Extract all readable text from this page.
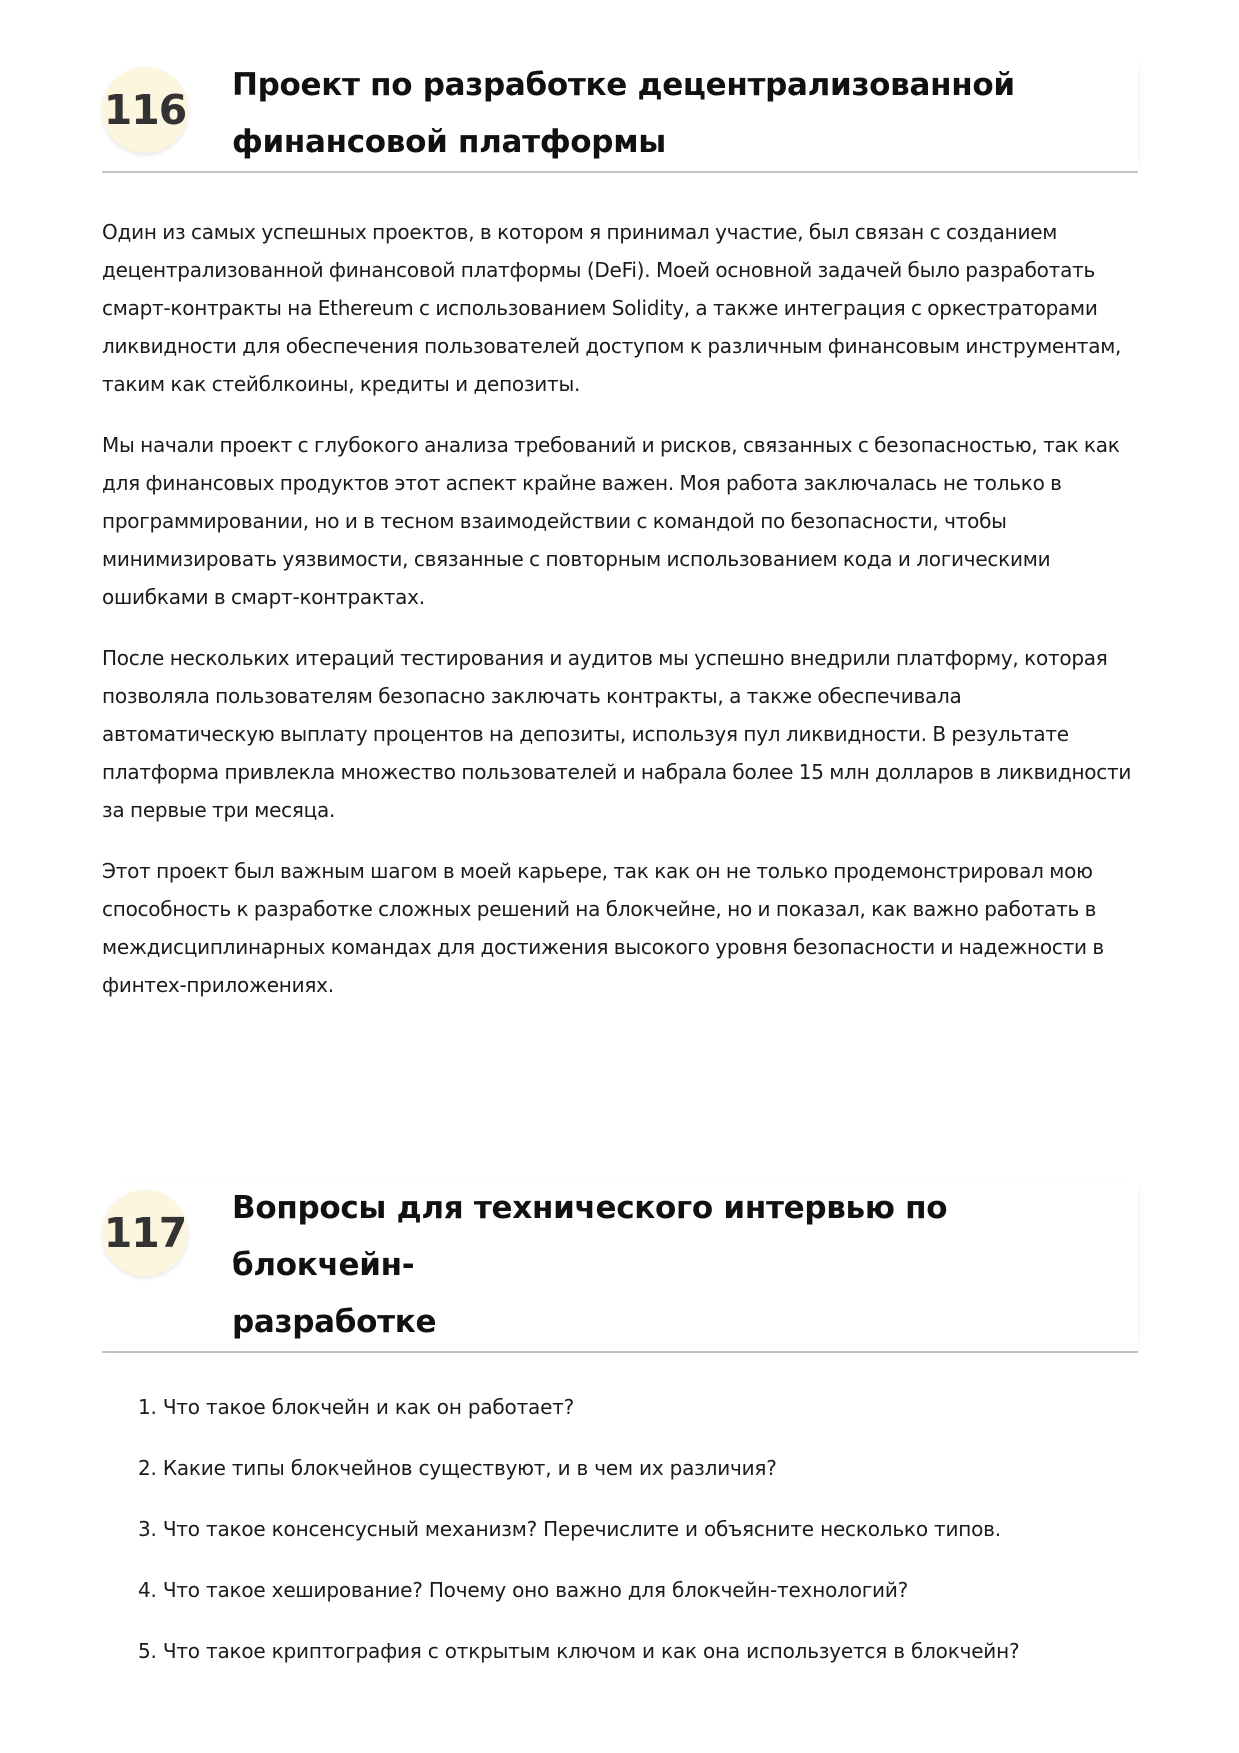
116
Проект по разработке децентрализованной
финансовой платформы

Один из самых успешных проектов, в котором я принимал участие, был связан с созданием децентрализованной финансовой платформы (DeFi). Моей основной задачей было разработать смарт-контракты на Ethereum с использованием Solidity, а также интеграция с оркестраторами ликвидности для обеспечения пользователей доступом к различным финансовым инструментам, таким как стейблкоины, кредиты и депозиты.

Мы начали проект с глубокого анализа требований и рисков, связанных с безопасностью, так как для финансовых продуктов этот аспект крайне важен. Моя работа заключалась не только в программировании, но и в тесном взаимодействии с командой по безопасности, чтобы минимизировать уязвимости, связанные с повторным использованием кода и логическими ошибками в смарт-контрактах.

После нескольких итераций тестирования и аудитов мы успешно внедрили платформу, которая позволяла пользователям безопасно заключать контракты, а также обеспечивала автоматическую выплату процентов на депозиты, используя пул ликвидности. В результате платформа привлекла множество пользователей и набрала более 15 млн долларов в ликвидности за первые три месяца.

Этот проект был важным шагом в моей карьере, так как он не только продемонстрировал мою способность к разработке сложных решений на блокчейне, но и показал, как важно работать в междисциплинарных командах для достижения высокого уровня безопасности и надежности в финтех-приложениях.

117
Вопросы для технического интервью по блокчейн-
разработке
1. Что такое блокчейн и как он работает?
2. Какие типы блокчейнов существуют, и в чем их различия?
3. Что такое консенсусный механизм? Перечислите и объясните несколько типов.
4. Что такое хеширование? Почему оно важно для блокчейн-технологий?
5. Что такое криптография с открытым ключом и как она используется в блокчейн?
